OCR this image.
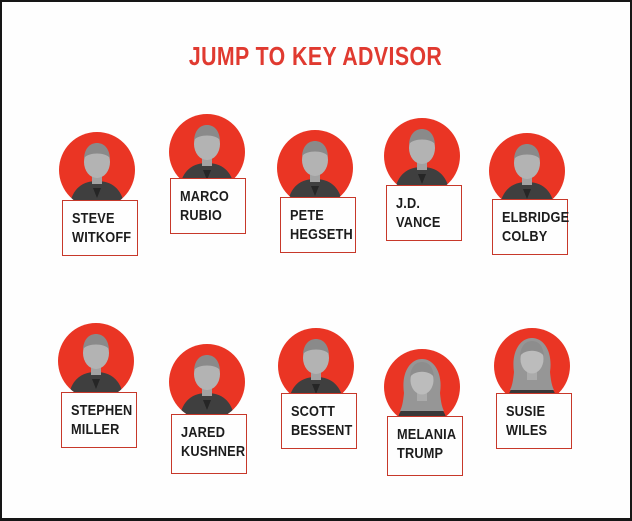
JUMP TO KEY ADVISOR
STEVE
WITKOFF
MARCO
RUBIO	PETE
HEGSETH
J.D.
VANCE	ELBRIDGE
COLBY
STEPHEN
MILLER	JARED
KUSHNER
SCOTT
BESSENT	MELANIA
TRUMP
SUSIE
WILES
